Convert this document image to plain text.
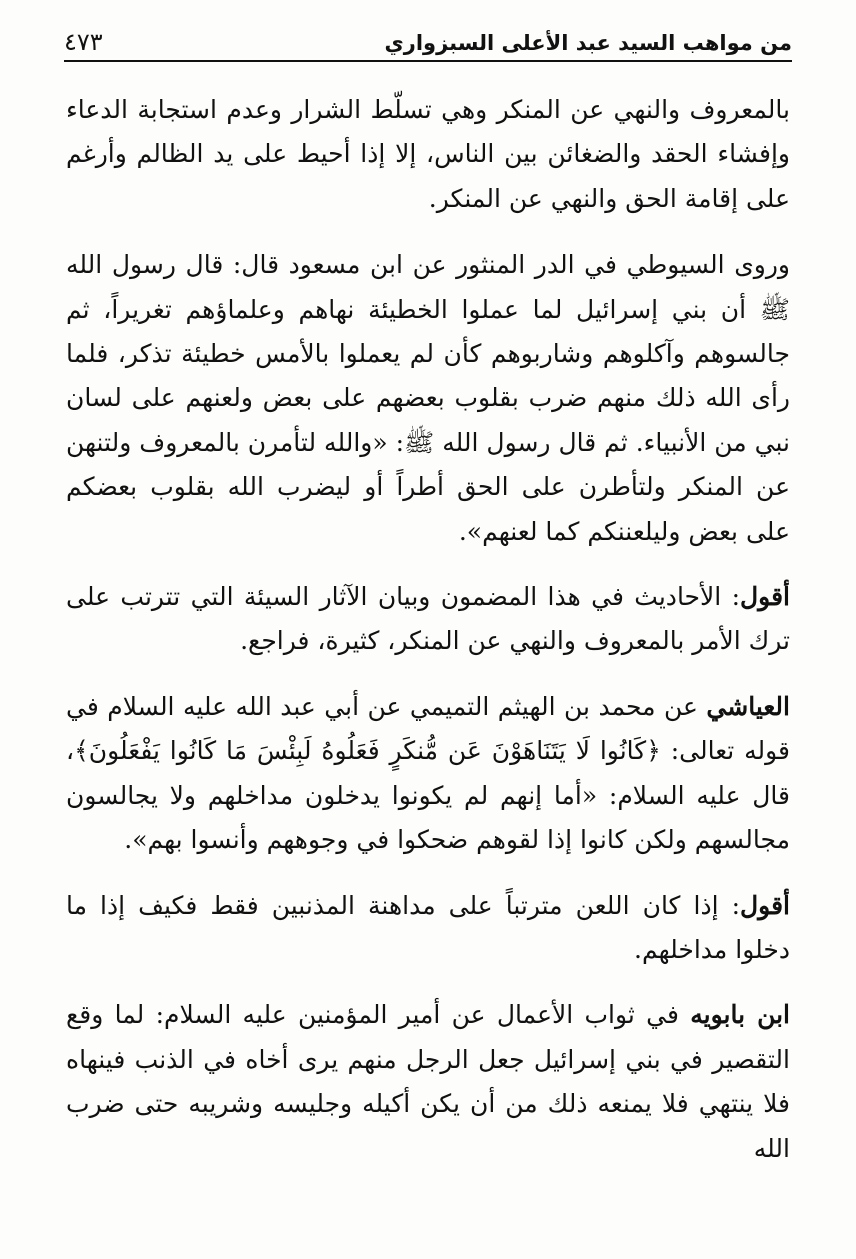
من مواهب السيد عبد الأعلى السبزواري
٤٧٣

بالمعروف والنهي عن المنكر وهي تسلّط الشرار وعدم استجابة الدعاء وإفشاء الحقد والضغائن بين الناس، إلا إذا أحيط على يد الظالم وأرغم على إقامة الحق والنهي عن المنكر.

وروى السيوطي في الدر المنثور عن ابن مسعود قال: قال رسول الله ﷺ أن بني إسرائيل لما عملوا الخطيئة نهاهم وعلماؤهم تغريراً، ثم جالسوهم وآكلوهم وشاربوهم كأن لم يعملوا بالأمس خطيئة تذكر، فلما رأى الله ذلك منهم ضرب بقلوب بعضهم على بعض ولعنهم على لسان نبي من الأنبياء. ثم قال رسول الله ﷺ: «والله لتأمرن بالمعروف ولتنهن عن المنكر ولتأطرن على الحق أطراً أو ليضرب الله بقلوب بعضكم على بعض وليلعننكم كما لعنهم».

أقول: الأحاديث في هذا المضمون وبيان الآثار السيئة التي تترتب على ترك الأمر بالمعروف والنهي عن المنكر، كثيرة، فراجع.

العياشي عن محمد بن الهيثم التميمي عن أبي عبد الله عليه السلام في قوله تعالى: ﴿كَانُوا لَا يَتَنَاهَوْنَ عَن مُّنكَرٍ فَعَلُوهُ لَبِئْسَ مَا كَانُوا يَفْعَلُونَ﴾، قال عليه السلام: «أما إنهم لم يكونوا يدخلون مداخلهم ولا يجالسون مجالسهم ولكن كانوا إذا لقوهم ضحكوا في وجوههم وأنسوا بهم».

أقول: إذا كان اللعن مترتباً على مداهنة المذنبين فقط فكيف إذا ما دخلوا مداخلهم.

ابن بابويه في ثواب الأعمال عن أمير المؤمنين عليه السلام: لما وقع التقصير في بني إسرائيل جعل الرجل منهم يرى أخاه في الذنب فينهاه فلا ينتهي فلا يمنعه ذلك من أن يكن أكيله وجليسه وشريبه حتى ضرب الله
